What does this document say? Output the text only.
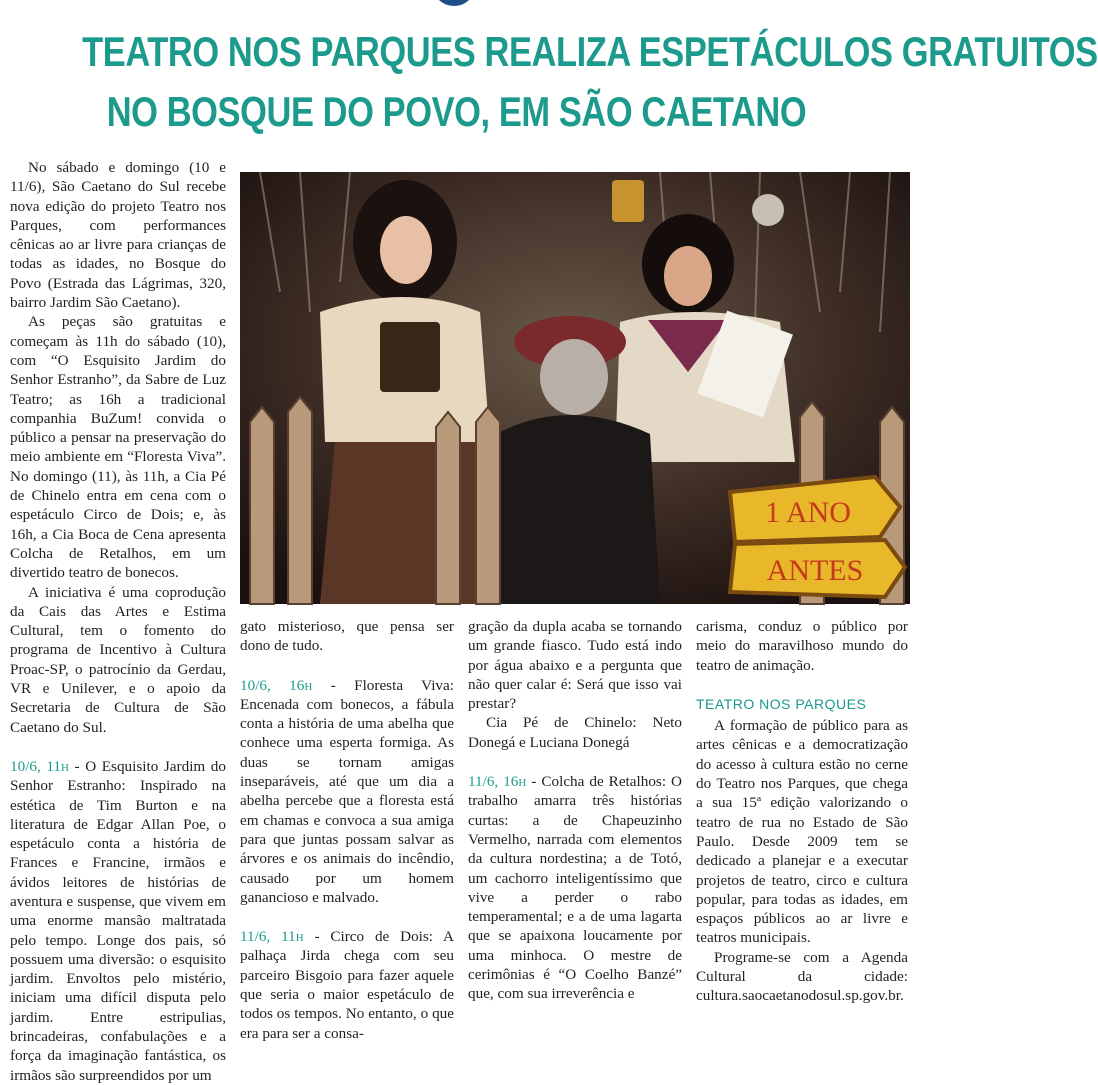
TEATRO NOS PARQUES REALIZA ESPETÁCULOS GRATUITOS
NO BOSQUE DO POVO, EM SÃO CAETANO

No sábado e domingo (10 e 11/6), São Caetano do Sul recebe nova edição do projeto Teatro nos Parques, com performances cênicas ao ar livre para crianças de todas as idades, no Bosque do Povo (Estrada das Lágrimas, 320, bairro Jardim São Caetano).

As peças são gratuitas e começam às 11h do sábado (10), com “O Esquisito Jardim do Senhor Estranho”, da Sabre de Luz Teatro; as 16h a tradicional companhia BuZum! convida o público a pensar na preservação do meio ambiente em “Floresta Viva”. No domingo (11), às 11h, a Cia Pé de Chinelo entra em cena com o espetáculo Circo de Dois; e, às 16h, a Cia Boca de Cena apresenta Colcha de Retalhos, em um divertido teatro de bonecos.

A iniciativa é uma coprodução da Cais das Artes e Estima Cultural, tem o fomento do programa de Incentivo à Cultura Proac-SP, o patrocínio da Gerdau, VR e Unilever, e o apoio da Secretaria de Cultura de São Caetano do Sul.

10/6, 11h - O Esquisito Jardim do Senhor Estranho: Inspirado na estética de Tim Burton e na literatura de Edgar Allan Poe, o espetáculo conta a história de Frances e Francine, irmãos e ávidos leitores de histórias de aventura e suspense, que vivem em uma enorme mansão maltratada pelo tempo. Longe dos pais, só possuem uma diversão: o esquisito jardim. Envoltos pelo mistério, iniciam uma difícil disputa pelo jardim. Entre estripulias, brincadeiras, confabulações e a força da imaginação fantástica, os irmãos são surpreendidos por um

1 ANO
ANTES

gato misterioso, que pensa ser dono de tudo.

10/6, 16h - Floresta Viva: Encenada com bonecos, a fábula conta a história de uma abelha que conhece uma esperta formiga. As duas se tornam amigas inseparáveis, até que um dia a abelha percebe que a floresta está em chamas e convoca a sua amiga para que juntas possam salvar as árvores e os animais do incêndio, causado por um homem ganancioso e malvado.

11/6, 11h - Circo de Dois: A palhaça Jirda chega com seu parceiro Bisgoio para fazer aquele que seria o maior espetáculo de todos os tempos. No entanto, o que era para ser a consa-

gração da dupla acaba se tornando um grande fiasco. Tudo está indo por água abaixo e a pergunta que não quer calar é: Será que isso vai prestar?

Cia Pé de Chinelo: Neto Donegá e Luciana Donegá

11/6, 16h - Colcha de Retalhos: O trabalho amarra três histórias curtas: a de Chapeuzinho Vermelho, narrada com elementos da cultura nordestina; a de Totó, um cachorro inteligentíssimo que vive a perder o rabo temperamental; e a de uma lagarta que se apaixona loucamente por uma minhoca. O mestre de cerimônias é “O Coelho Banzé” que, com sua irreverência e

carisma, conduz o público por meio do maravilhoso mundo do teatro de animação.

TEATRO NOS PARQUES

A formação de público para as artes cênicas e a democratização do acesso à cultura estão no cerne do Teatro nos Parques, que chega a sua 15ª edição valorizando o teatro de rua no Estado de São Paulo. Desde 2009 tem se dedicado a planejar e a executar projetos de teatro, circo e cultura popular, para todas as idades, em espaços públicos ao ar livre e teatros municipais.

Programe-se com a Agenda Cultural da cidade: cultura.saocaetanodosul.sp.gov.br.
